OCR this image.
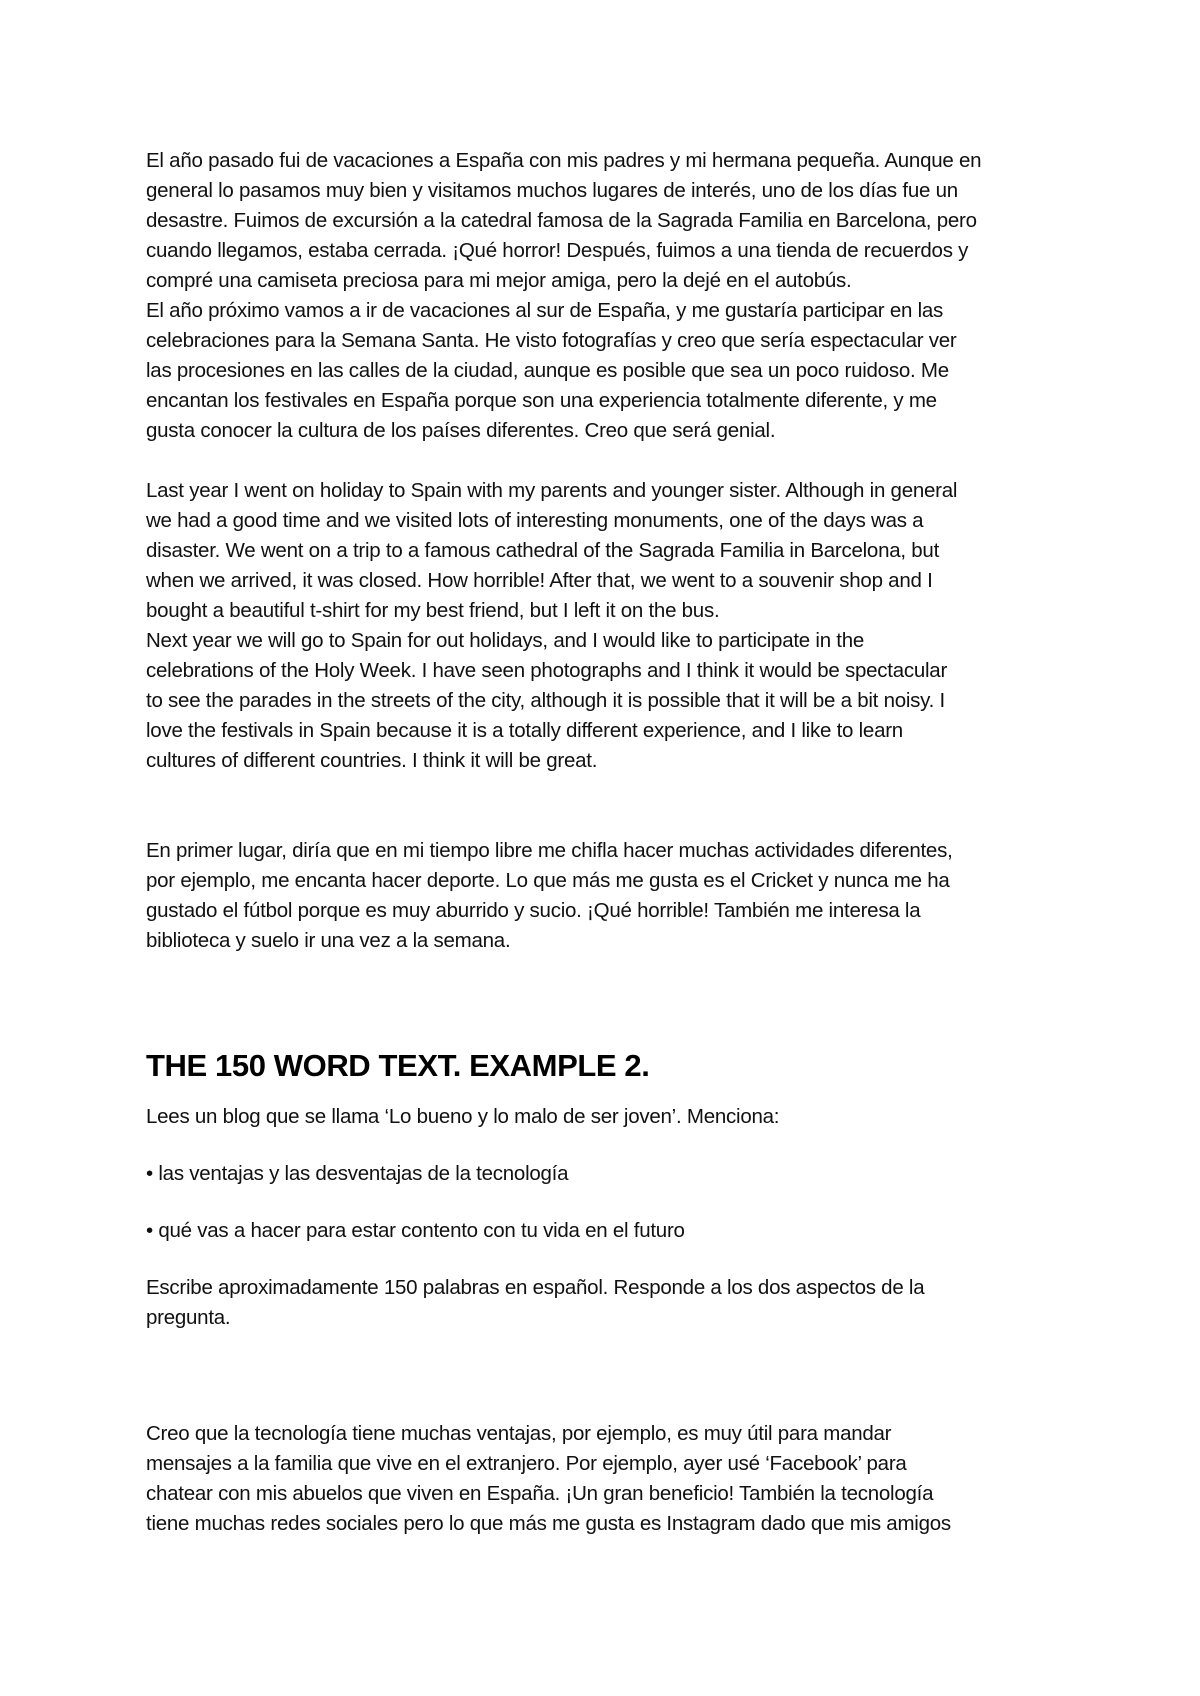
El año pasado fui de vacaciones a España con mis padres y mi hermana pequeña. Aunque en
general lo pasamos muy bien y visitamos muchos lugares de interés, uno de los días fue un
desastre. Fuimos de excursión a la catedral famosa de la Sagrada Familia en Barcelona, pero
cuando llegamos, estaba cerrada. ¡Qué horror! Después, fuimos a una tienda de recuerdos y
compré una camiseta preciosa para mi mejor amiga, pero la dejé en el autobús.
El año próximo vamos a ir de vacaciones al sur de España, y me gustaría participar en las
celebraciones para la Semana Santa. He visto fotografías y creo que sería espectacular ver
las procesiones en las calles de la ciudad, aunque es posible que sea un poco ruidoso. Me
encantan los festivales en España porque son una experiencia totalmente diferente, y me
gusta conocer la cultura de los países diferentes. Creo que será genial.

Last year I went on holiday to Spain with my parents and younger sister. Although in general
we had a good time and we visited lots of interesting monuments, one of the days was a
disaster. We went on a trip to a famous cathedral of the Sagrada Familia in Barcelona, but
when we arrived, it was closed. How horrible! After that, we went to a souvenir shop and I
bought a beautiful t-shirt for my best friend, but I left it on the bus.
Next year we will go to Spain for out holidays, and I would like to participate in the
celebrations of the Holy Week. I have seen photographs and I think it would be spectacular
to see the parades in the streets of the city, although it is possible that it will be a bit noisy. I
love the festivals in Spain because it is a totally different experience, and I like to learn
cultures of different countries. I think it will be great.

En primer lugar, diría que en mi tiempo libre me chifla hacer muchas actividades diferentes,
por ejemplo, me encanta hacer deporte. Lo que más me gusta es el Cricket y nunca me ha
gustado el fútbol porque es muy aburrido y sucio. ¡Qué horrible! También me interesa la
biblioteca y suelo ir una vez a la semana.

THE 150 WORD TEXT. EXAMPLE 2.

Lees un blog que se llama ‘Lo bueno y lo malo de ser joven’. Menciona:

• las ventajas y las desventajas de la tecnología

• qué vas a hacer para estar contento con tu vida en el futuro

Escribe aproximadamente 150 palabras en español. Responde a los dos aspectos de la
pregunta.

Creo que la tecnología tiene muchas ventajas, por ejemplo, es muy útil para mandar
mensajes a la familia que vive en el extranjero. Por ejemplo, ayer usé ‘Facebook’ para
chatear con mis abuelos que viven en España. ¡Un gran beneficio! También la tecnología
tiene muchas redes sociales pero lo que más me gusta es Instagram dado que mis amigos
